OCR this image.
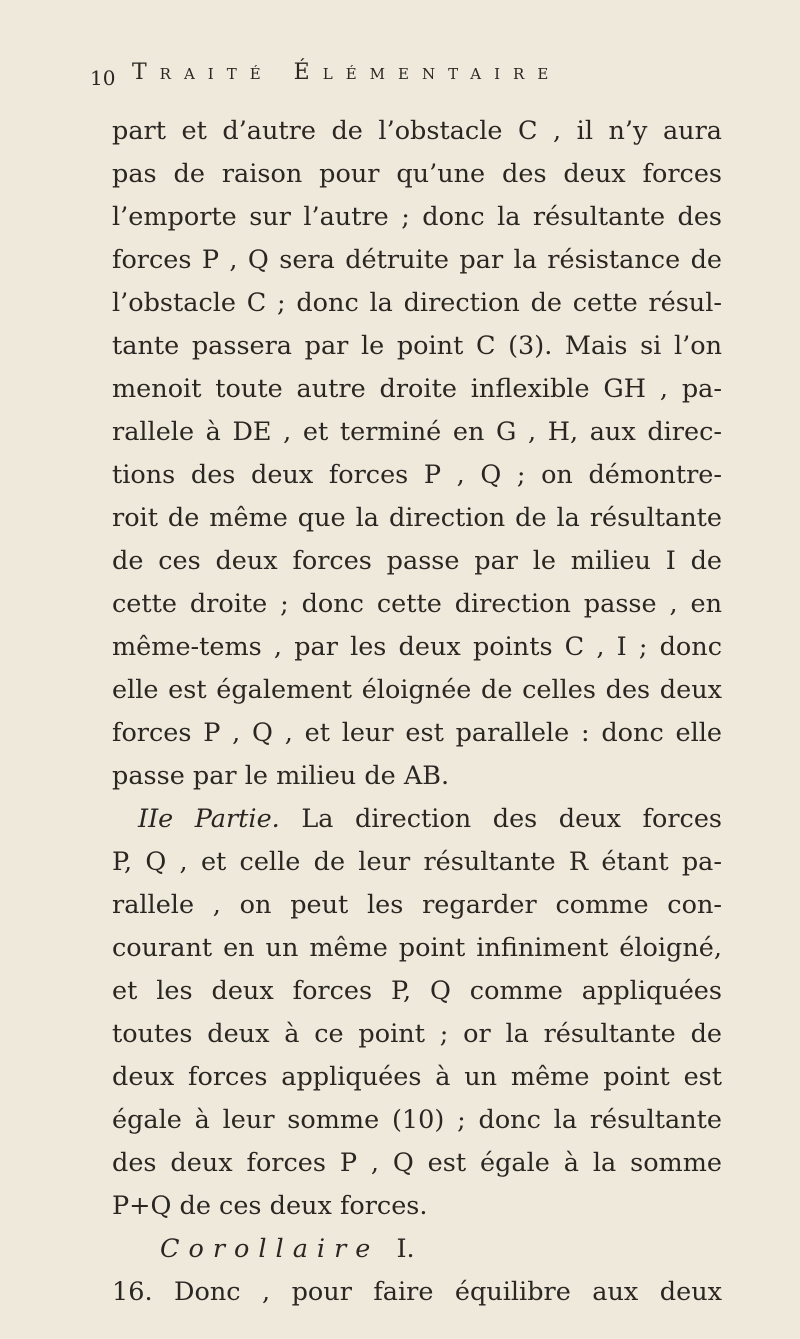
10 Traité Élémentaire
part et d’autre de l’obstacle C , il n’y aura
pas de raison pour qu’une des deux forces
l’emporte sur l’autre ; donc la résultante des
forces P , Q sera détruite par la résistance de
l’obstacle C ; donc la direction de cette résul-
tante passera par le point C (3). Mais si l’on
menoit toute autre droite inflexible GH , pa-
rallele à DE , et terminé en G , H, aux direc-
tions des deux forces P , Q ; on démontre-
roit de même que la direction de la résultante
de ces deux forces passe par le milieu I de
cette droite ; donc cette direction passe , en
même-tems , par les deux points C , I ; donc
elle est également éloignée de celles des deux
forces P , Q , et leur est parallele : donc elle
passe par le milieu de AB.
IIe Partie. La direction des deux forces
P, Q , et celle de leur résultante R étant pa-
rallele , on peut les regarder comme con-
courant en un même point infiniment éloigné,
et les deux forces P, Q comme appliquées
toutes deux à ce point ; or la résultante de
deux forces appliquées à un même point est
égale à leur somme (10) ; donc la résultante
des deux forces P , Q est égale à la somme
P+Q de ces deux forces.
Corollaire I.
16. Donc , pour faire équilibre aux deux
